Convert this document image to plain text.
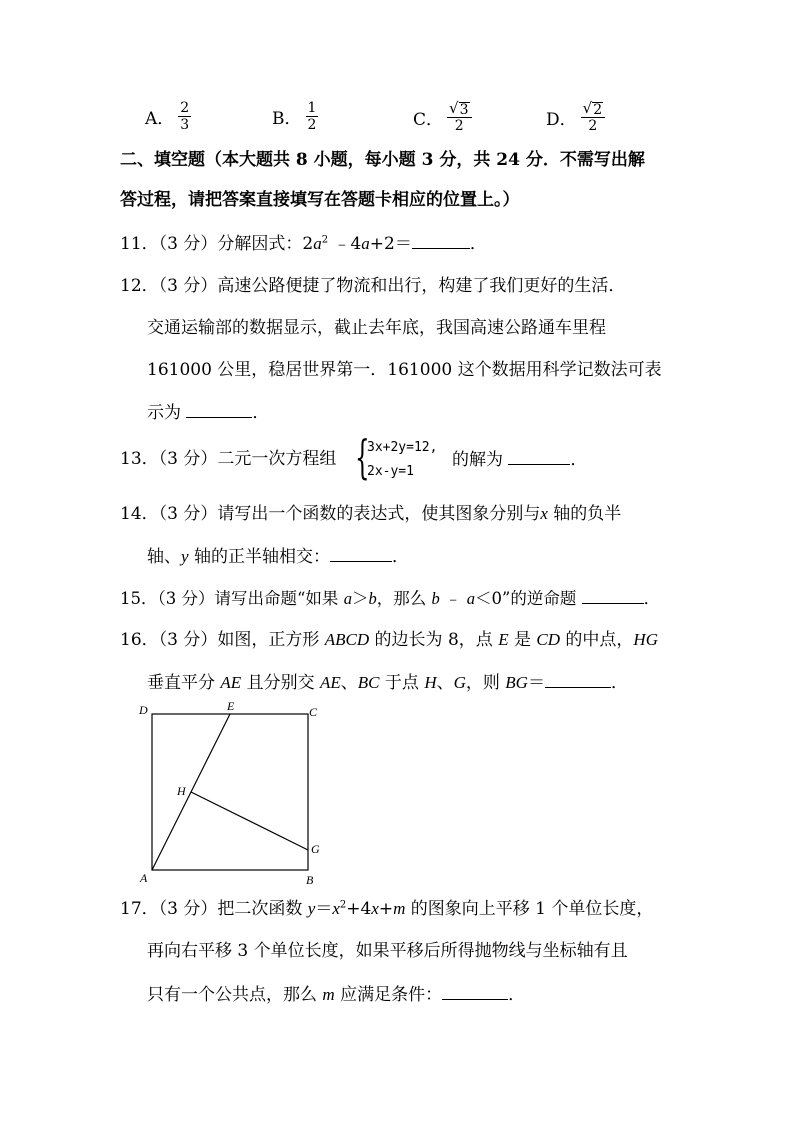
A． $\frac{2}{3}$	B． $\frac{1}{2}$	C． $\frac{√ 3}{2}$	D． $\frac{√ 2}{2}$
二、填空题（本大题共 8 小题，每小题 3 分，共 24 分．不需写出解
答过程，请把答案直接填写在答题卡相应的位置上。）
11．（3 分）分解因式：$2a^2$ ﹣4a+2＝	．
12．（3 分）高速公路便捷了物流和出行，构建了我们更好的生活．
交通运输部的数据显示，截止去年底，我国高速公路通车里程
161000 公里，稳居世界第一．161000 这个数据用科学记数法可表
示为	．
13．（3 分）二元一次方程组 {
3x+2y=12,
2x-y=1
的解为	．
14．（3 分）请写出一个函数的表达式，使其图象分别与x 轴的负半
轴、y 轴的正半轴相交：	．
15．（3 分）请写出命题“如果 a＞b，那么 b ﹣ a＜0”的逆命题	．
16．（3 分）如图，正方形 ABCD 的边长为 8，点 E 是 CD 的中点，HG
垂直平分 AE 且分别交 AE、BC 于点 H、G，则 BG＝	．
D	E	C
H
G
A	B
17．（3 分）把二次函数 $y=x^2+4x+m$ 的图象向上平移 1 个单位长度，
再向右平移 3 个单位长度，如果平移后所得抛物线与坐标轴有且
只有一个公共点，那么 m 应满足条件：	．
